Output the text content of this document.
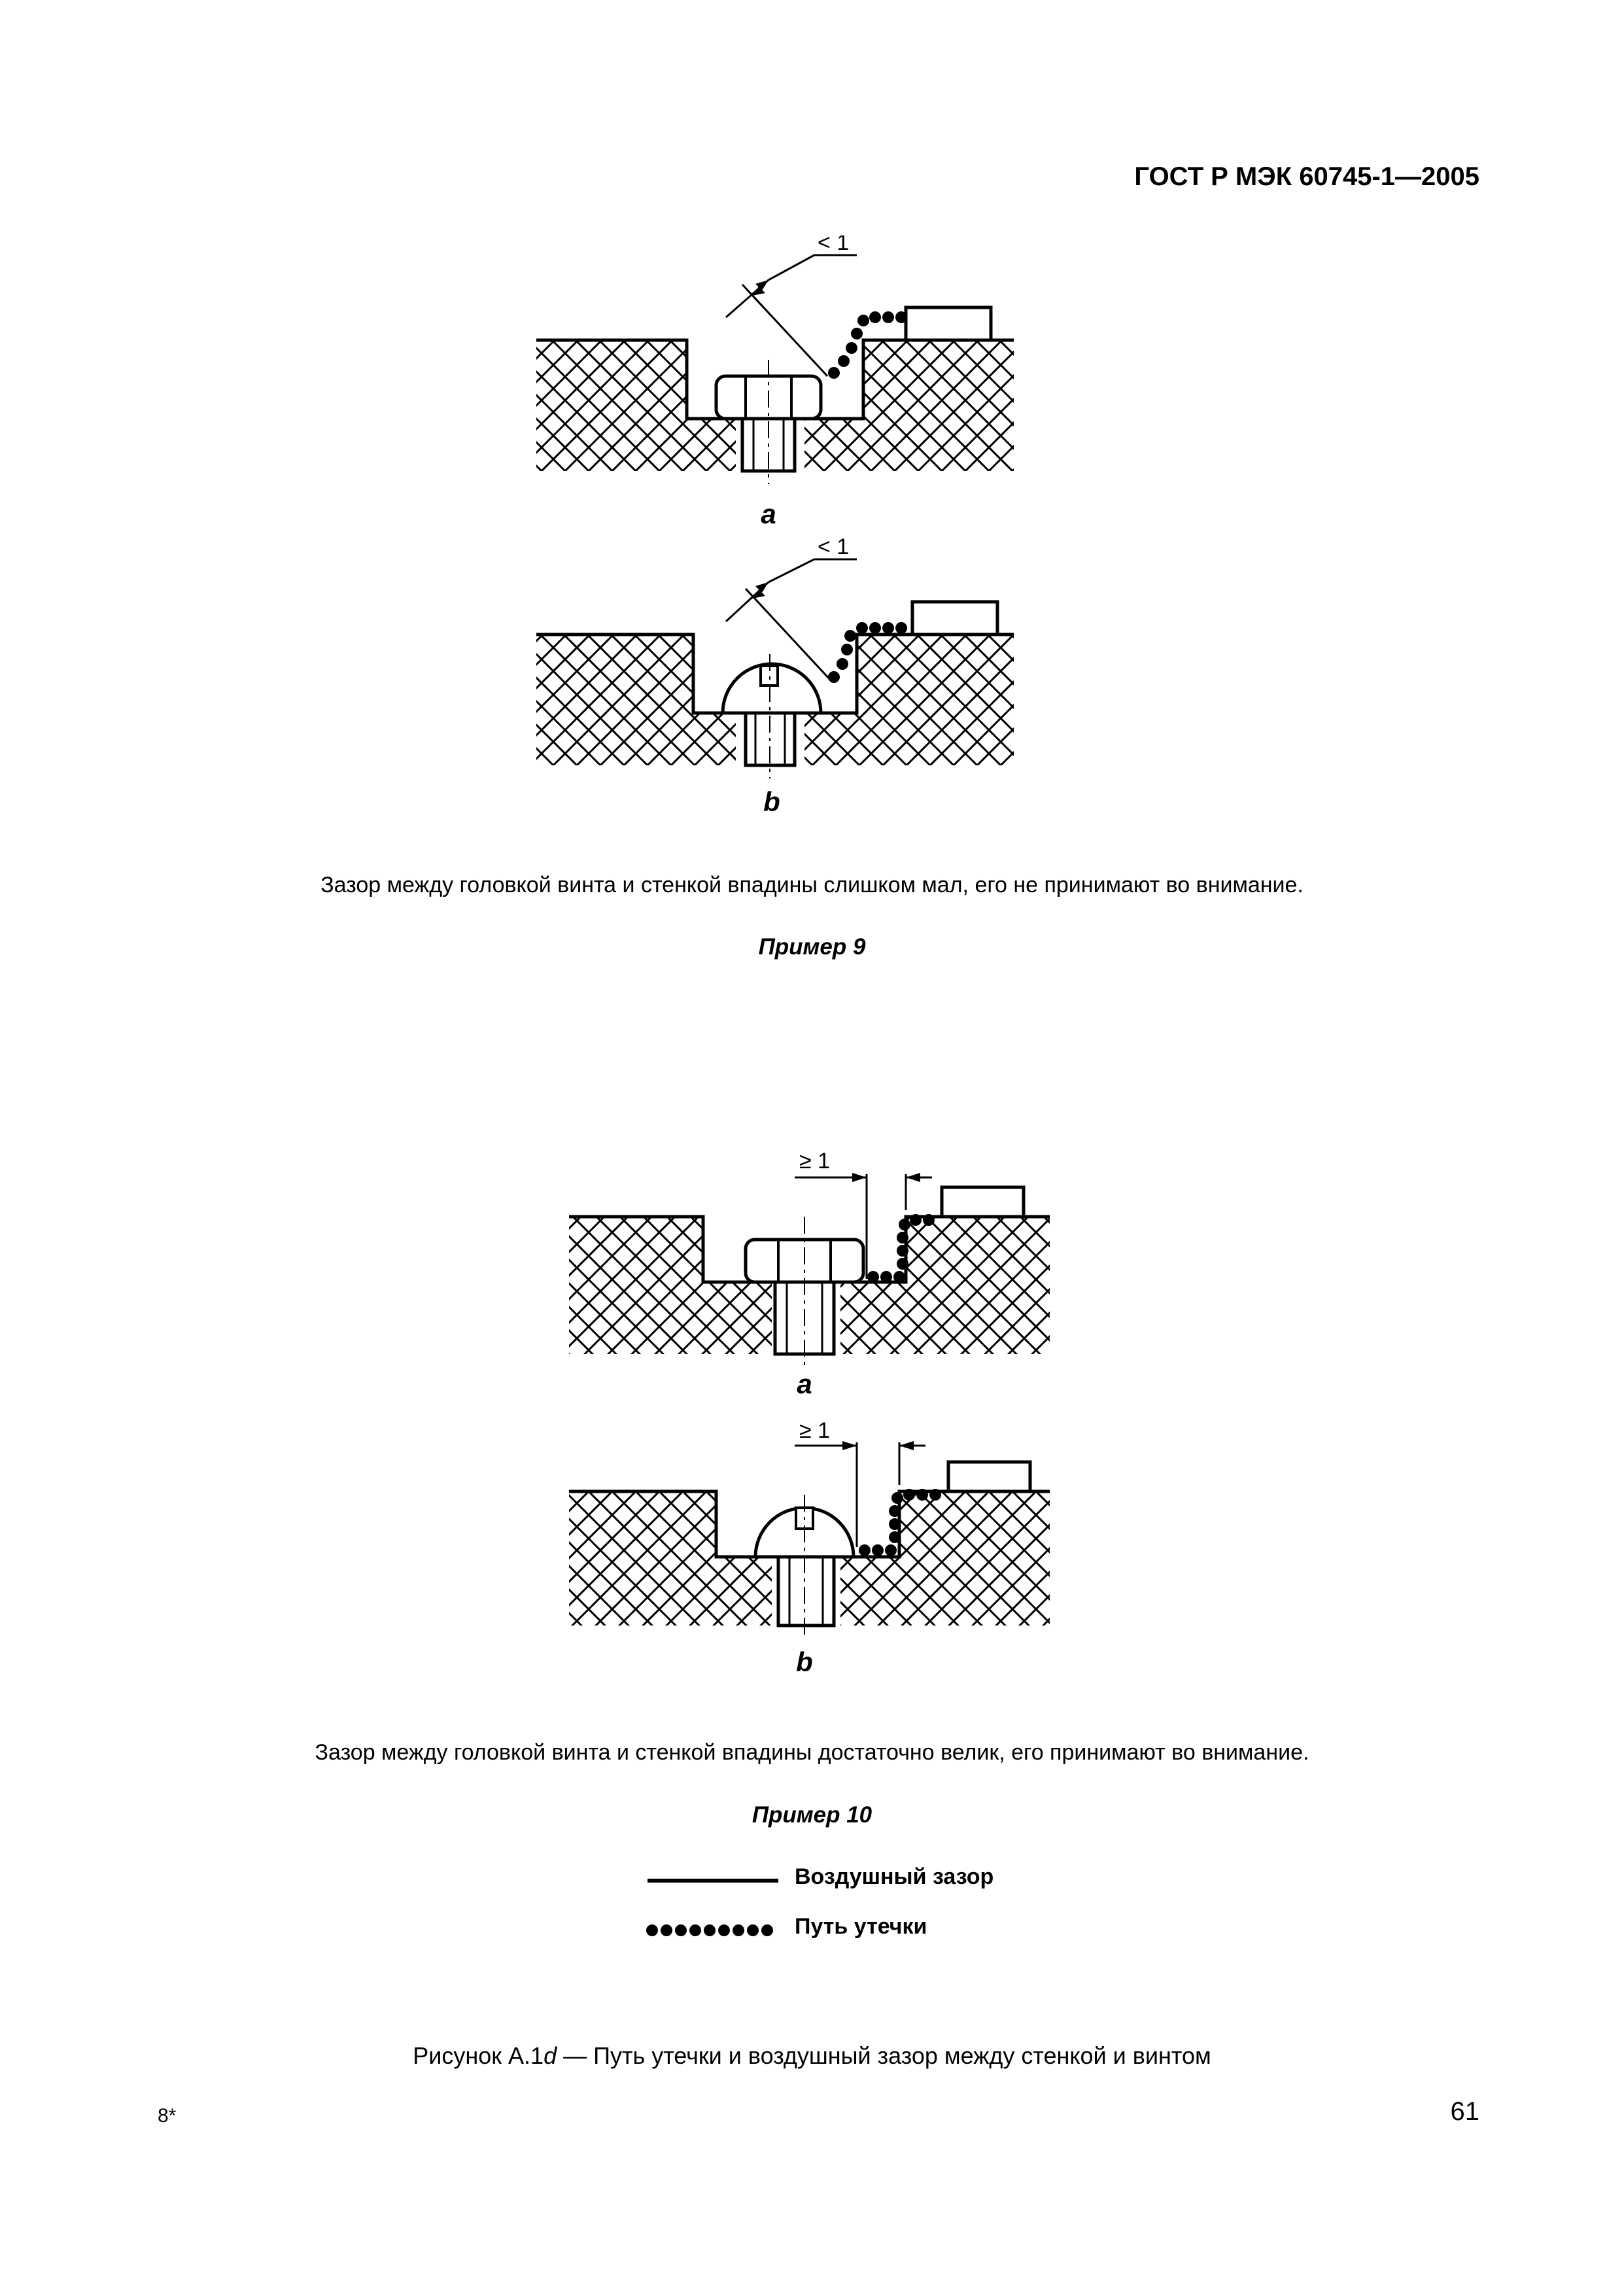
ГОСТ Р МЭК 60745-1—2005
< 1
a
< 1
b
Зазор между головкой винта и стенкой впадины слишком мал, его не принимают во внимание.
Пример 9
≥ 1
a
≥ 1
b
Зазор между головкой винта и стенкой впадины достаточно велик, его принимают во внимание.
Пример 10
Воздушный зазор
Путь утечки
Рисунок А.1d — Путь утечки и воздушный зазор между стенкой и винтом
8*	61
